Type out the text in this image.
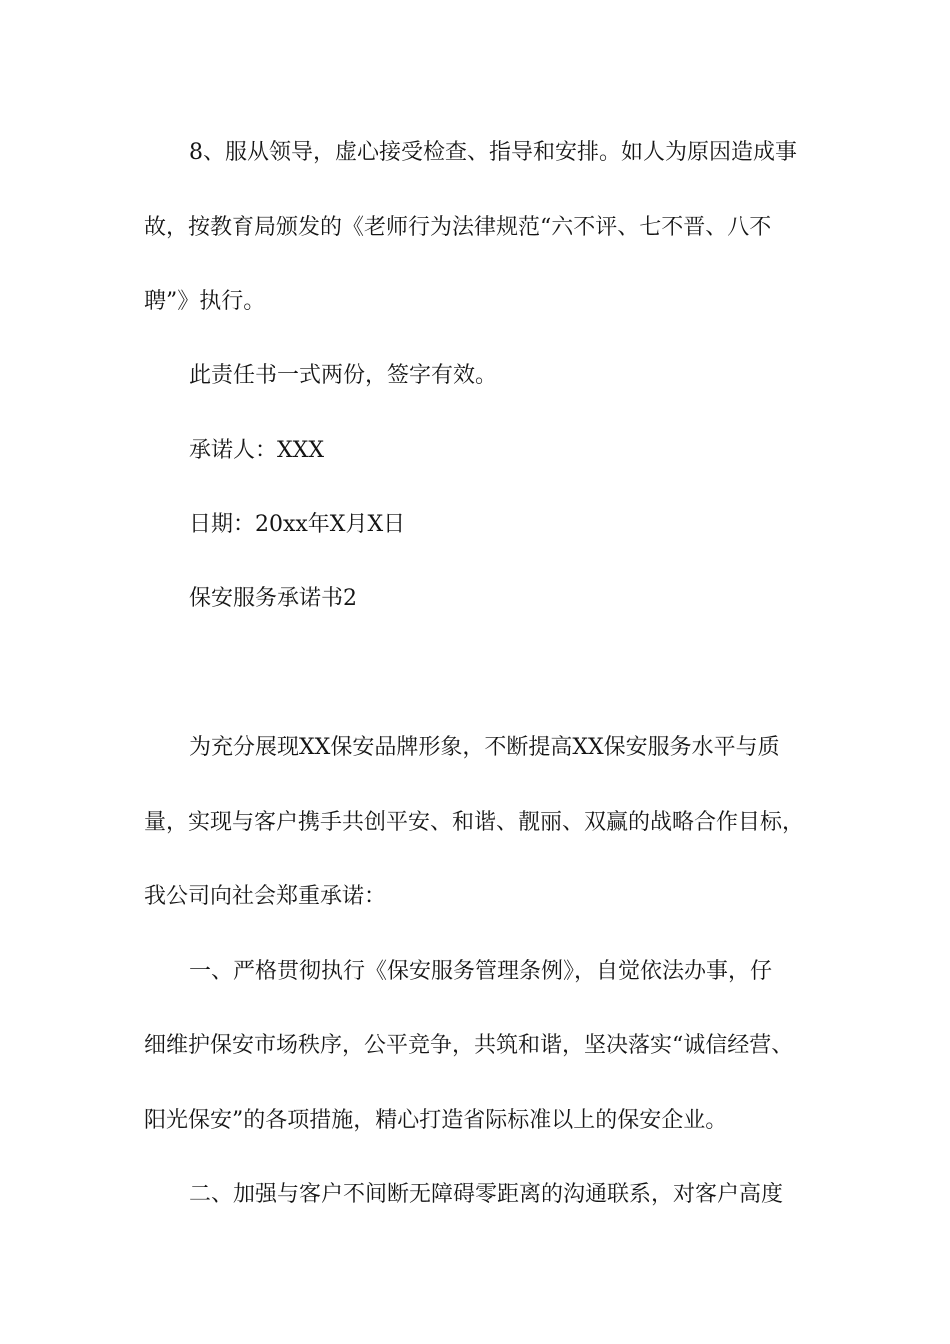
8、服从领导，虚心接受检查、指导和安排。如人为原因造成事

故，按教育局颁发的《老师行为法律规范“六不评、七不晋、八不

聘”》执行。

此责任书一式两份，签字有效。

承诺人：XXX

日期：20xx年X月X日

保安服务承诺书2

为充分展现XX保安品牌形象，不断提高XX保安服务水平与质

量，实现与客户携手共创平安、和谐、靓丽、双赢的战略合作目标，

我公司向社会郑重承诺：

一、严格贯彻执行《保安服务管理条例》，自觉依法办事，仔

细维护保安市场秩序，公平竞争，共筑和谐，坚决落实“诚信经营、

阳光保安”的各项措施，精心打造省际标准以上的保安企业。

二、加强与客户不间断无障碍零距离的沟通联系，对客户高度
